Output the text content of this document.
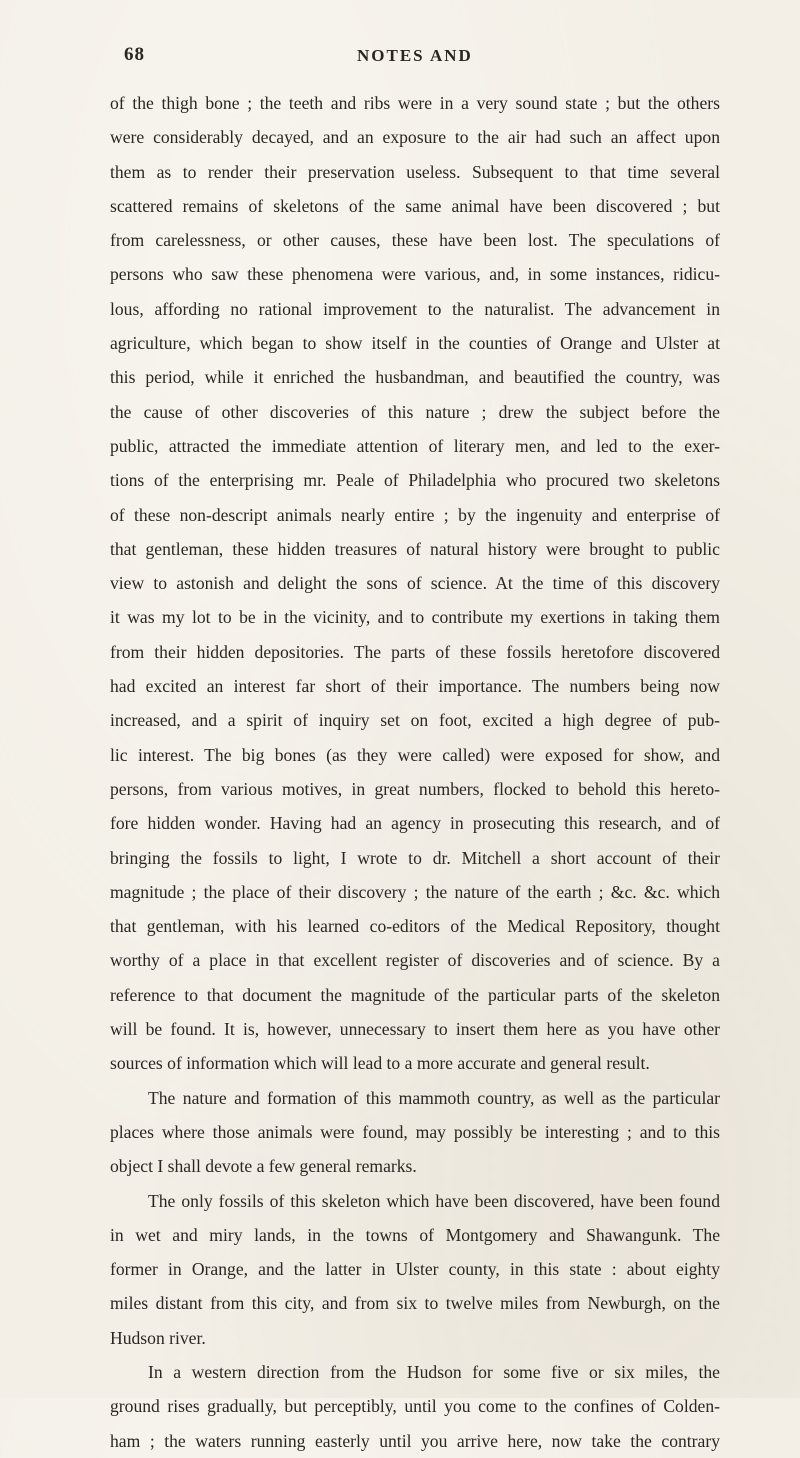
68	NOTES AND
of the thigh bone ; the teeth and ribs were in a very sound state ; but the others
were considerably decayed, and an exposure to the air had such an affect upon
them as to render their preservation useless. Subsequent to that time several
scattered remains of skeletons of the same animal have been discovered ; but
from carelessness, or other causes, these have been lost. The speculations of
persons who saw these phenomena were various, and, in some instances, ridicu-
lous, affording no rational improvement to the naturalist. The advancement in
agriculture, which began to show itself in the counties of Orange and Ulster at
this period, while it enriched the husbandman, and beautified the country, was
the cause of other discoveries of this nature ; drew the subject before the
public, attracted the immediate attention of literary men, and led to the exer-
tions of the enterprising mr. Peale of Philadelphia who procured two skeletons
of these non-descript animals nearly entire ; by the ingenuity and enterprise of
that gentleman, these hidden treasures of natural history were brought to public
view to astonish and delight the sons of science. At the time of this discovery
it was my lot to be in the vicinity, and to contribute my exertions in taking them
from their hidden depositories. The parts of these fossils heretofore discovered
had excited an interest far short of their importance. The numbers being now
increased, and a spirit of inquiry set on foot, excited a high degree of pub-
lic interest. The big bones (as they were called) were exposed for show, and
persons, from various motives, in great numbers, flocked to behold this hereto-
fore hidden wonder. Having had an agency in prosecuting this research, and of
bringing the fossils to light, I wrote to dr. Mitchell a short account of their
magnitude ; the place of their discovery ; the nature of the earth ; &c. &c. which
that gentleman, with his learned co-editors of the Medical Repository, thought
worthy of a place in that excellent register of discoveries and of science. By a
reference to that document the magnitude of the particular parts of the skeleton
will be found. It is, however, unnecessary to insert them here as you have other
sources of information which will lead to a more accurate and general result.
The nature and formation of this mammoth country, as well as the particular
places where those animals were found, may possibly be interesting ; and to this
object I shall devote a few general remarks.
The only fossils of this skeleton which have been discovered, have been found
in wet and miry lands, in the towns of Montgomery and Shawangunk. The
former in Orange, and the latter in Ulster county, in this state : about eighty
miles distant from this city, and from six to twelve miles from Newburgh, on the
Hudson river.
In a western direction from the Hudson for some five or six miles, the
ground rises gradually, but perceptibly, until you come to the confines of Colden-
ham ; the waters running easterly until you arrive here, now take the contrary
